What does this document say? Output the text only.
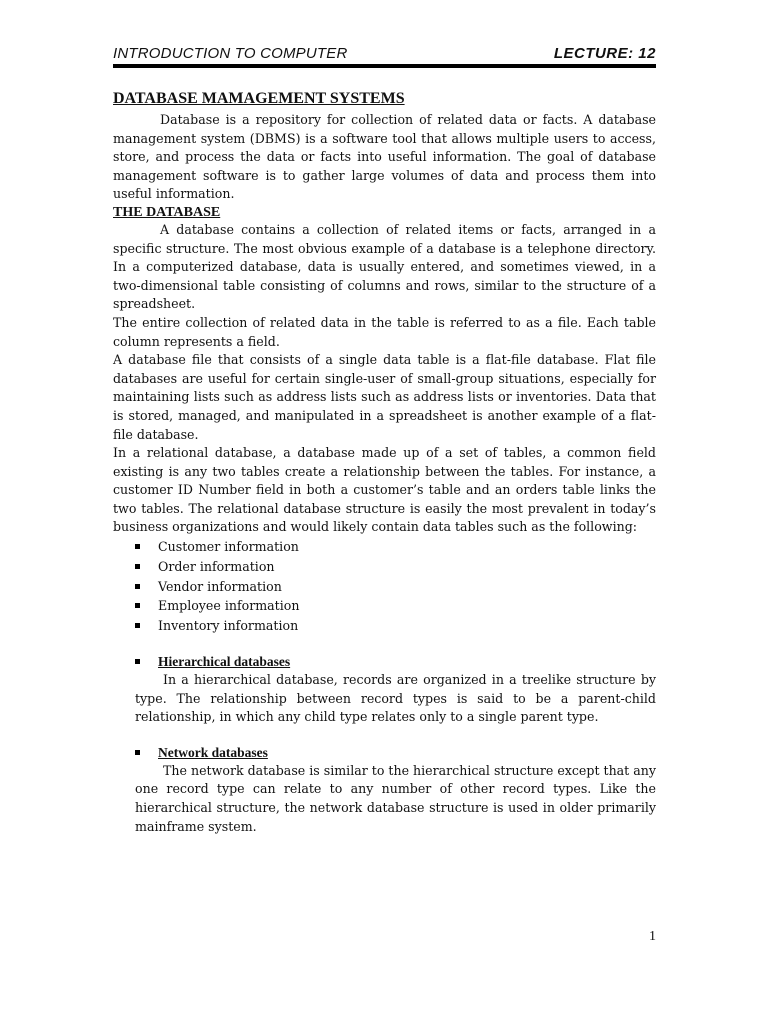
INTRODUCTION TO COMPUTER	LECTURE: 12
DATABASE MAMAGEMENT SYSTEMS

Database is a repository for collection of related data or facts. A database management system (DBMS) is a software tool that allows multiple users to access, store, and process the data or facts into useful information. The goal of database management software is to gather large volumes of data and process them into useful information.

THE DATABASE

A database contains a collection of related items or facts, arranged in a specific structure. The most obvious example of a database is a telephone directory. In a computerized database, data is usually entered, and sometimes viewed, in a two-dimensional table consisting of columns and rows, similar to the structure of a spreadsheet.

The entire collection of related data in the table is referred to as a file. Each table column represents a field.

A database file that consists of a single data table is a flat-file database. Flat file databases are useful for certain single-user of small-group situations, especially for maintaining lists such as address lists such as address lists or inventories. Data that is stored, managed, and manipulated in a spreadsheet is another example of a flat-file database.

In a relational database, a database made up of a set of tables, a common field existing is any two tables create a relationship between the tables. For instance, a customer ID Number field in both a customer’s table and an orders table links the two tables. The relational database structure is easily the most prevalent in today’s business organizations and would likely contain data tables such as the following:

Customer information
Order information
Vendor information
Employee information
Inventory information
Hierarchical databases

In a hierarchical database, records are organized in a treelike structure by type. The relationship between record types is said to be a parent-child relationship, in which any child type relates only to a single parent type.

Network databases

The network database is similar to the hierarchical structure except that any one record type can relate to any number of other record types. Like the hierarchical structure, the network database structure is used in older primarily mainframe system.

1
